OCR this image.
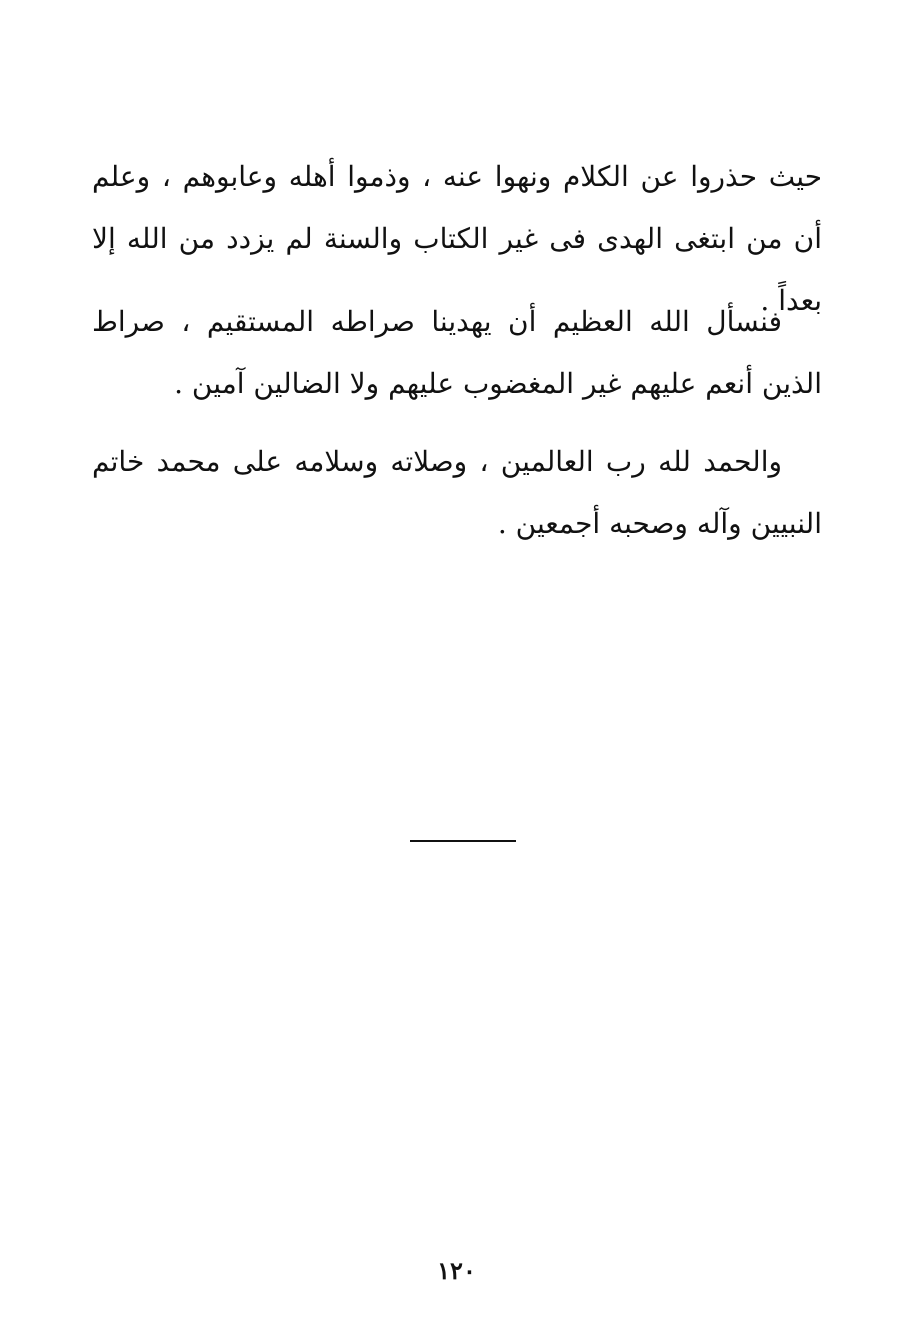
حيث حذروا عن الكلام ونهوا عنه ، وذموا أهله وعابوهم ، وعلم أن من ابتغى الهدى فى غير الكتاب والسنة لم يزدد من الله إلا بعداً .

فنسأل الله العظيم أن يهدينا صراطه المستقيم ، صراط الذين أنعم عليهم غير المغضوب عليهم ولا الضالين آمين .

والحمد لله رب العالمين ، وصلاته وسلامه على محمد خاتم النبيين وآله وصحبه أجمعين .

١٢٠
